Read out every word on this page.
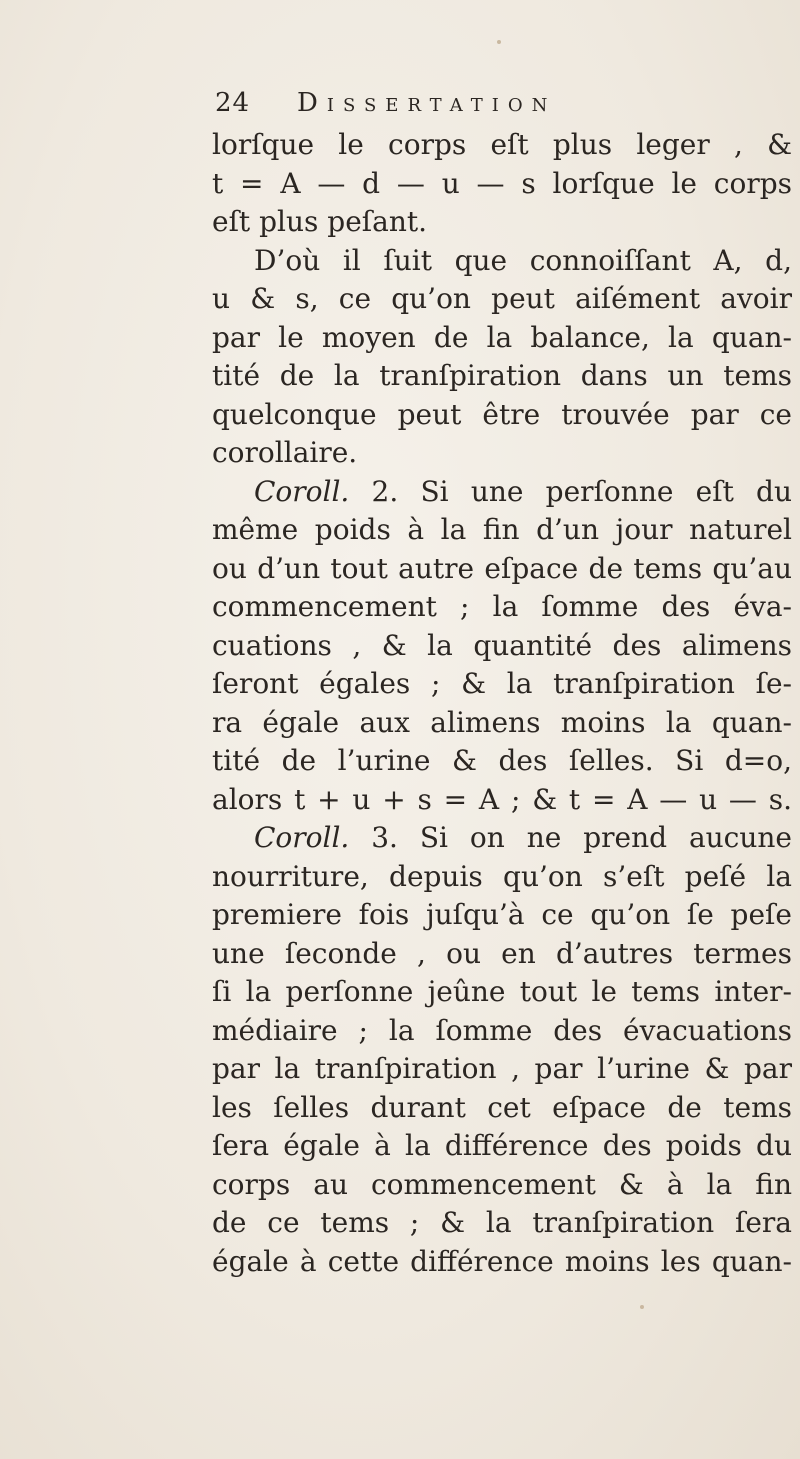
24 Dissertation
lorſque le corps eſt plus leger , &
t = A — d — u — s lorſque le corps
eſt plus peſant.
D’où il ſuit que connoiſſant A, d,
u & s, ce qu’on peut aiſément avoir
par le moyen de la balance, la quan-
tité de la tranſpiration dans un tems
quelconque peut être trouvée par ce
corollaire.
Coroll. 2. Si une perſonne eſt du
même poids à la fin d’un jour naturel
ou d’un tout autre eſpace de tems qu’au
commencement ; la ſomme des éva-
cuations , & la quantité des alimens
ſeront égales ; & la tranſpiration ſe-
ra égale aux alimens moins la quan-
tité de l’urine & des ſelles. Si d=o,
alors t + u + s = A ; & t = A — u — s.
Coroll. 3. Si on ne prend aucune
nourriture, depuis qu’on s’eſt peſé la
premiere fois juſqu’à ce qu’on ſe peſe
une ſeconde , ou en d’autres termes
ſi la perſonne jeûne tout le tems inter-
médiaire ; la ſomme des évacuations
par la tranſpiration , par l’urine & par
les ſelles durant cet eſpace de tems
ſera égale à la différence des poids du
corps au commencement & à la fin
de ce tems ; & la tranſpiration ſera
égale à cette différence moins les quan-
